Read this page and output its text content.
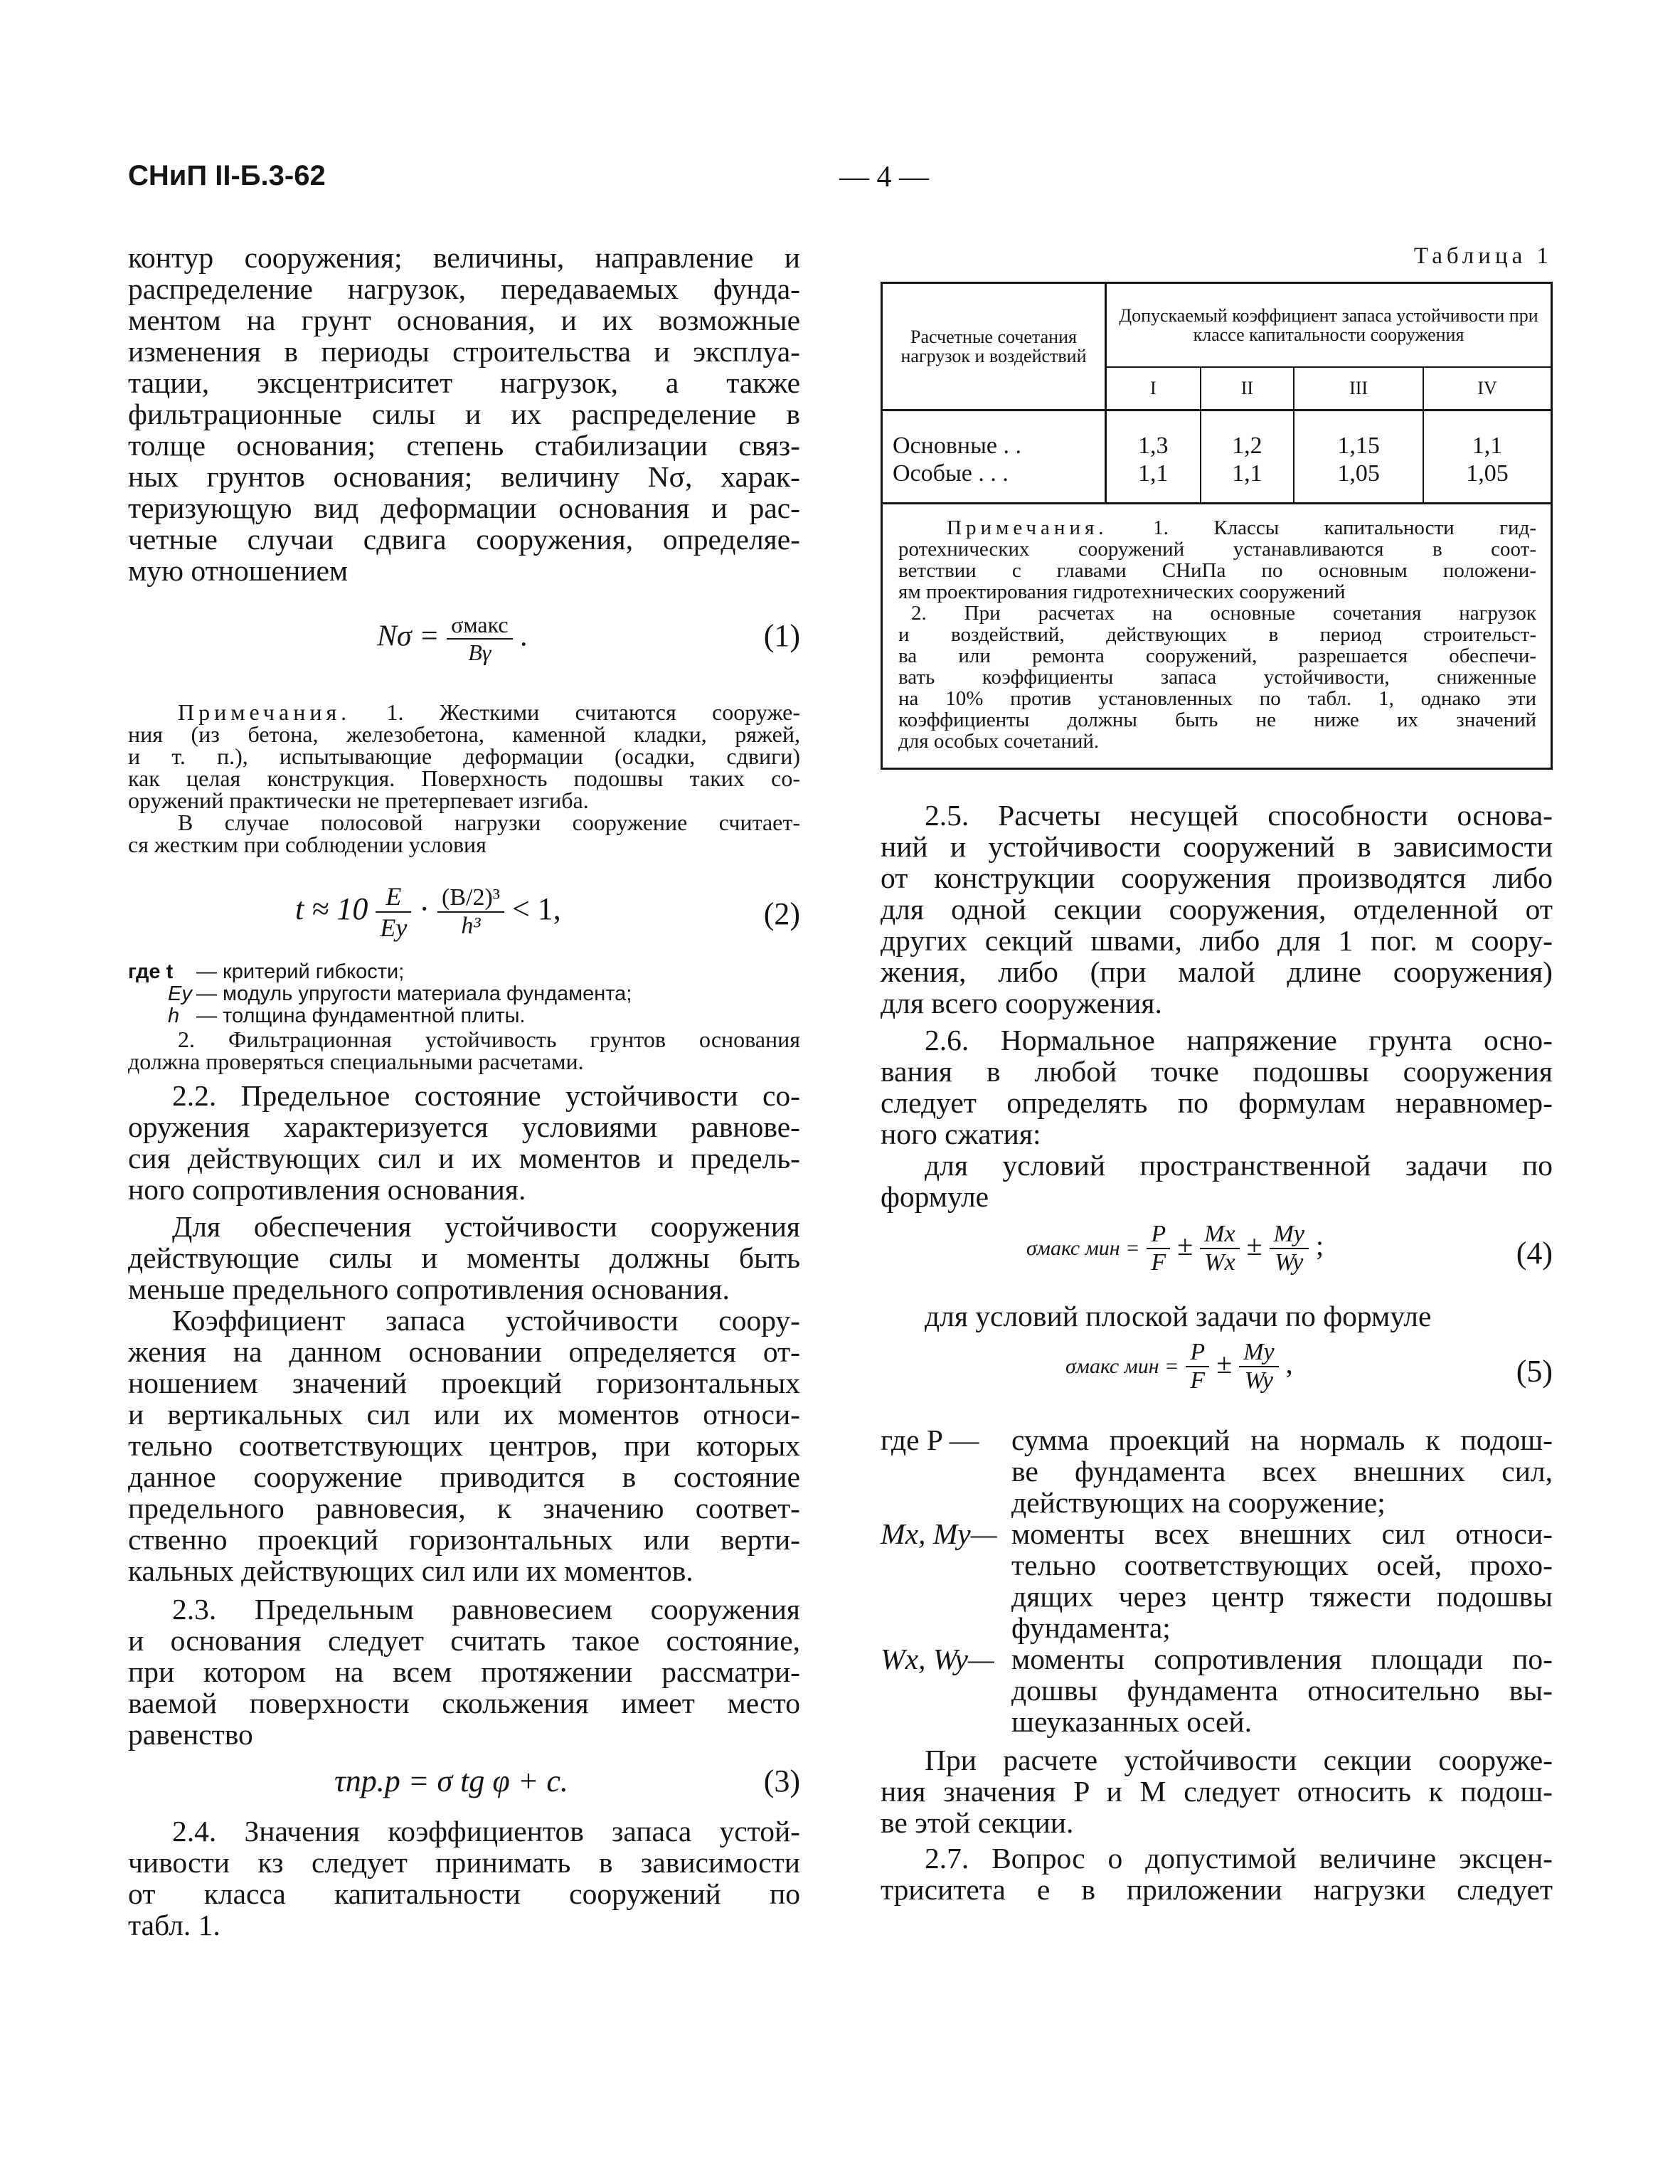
СНиП II-Б.3-62	— 4 —

контур сооружения; величины, направление и

распределение нагрузок, передаваемых фунда-

ментом на грунт основания, и их возможные

изменения в периоды строительства и эксплуа-

тации, эксцентриситет нагрузок, а также

фильтрационные силы и их распределение в

толще основания; степень стабилизации связ-

ных грунтов основания; величину Nσ, харак-

теризующую вид деформации основания и рас-

четные случаи сдвига сооружения, определяе-

мую отношением

$N\sigma = \frac{\text{σмакс}}{B\gamma}$ .	(1)

Примечания. 1. Жесткими считаются сооруже-

ния (из бетона, железобетона, каменной кладки, ряжей,

и т. п.), испытывающие деформации (осадки, сдвиги)

как целая конструкция. Поверхность подошвы таких со-

оружений практически не претерпевает изгиба.

В случае полосовой нагрузки сооружение считает-

ся жестким при соблюдении условия

$t \approx 10 \frac{E}{Eу} \cdot \frac{\text{(B/2)³}}{\text{h³}} < 1$,	(2)

где t — критерий гибкости;

Eу — модуль упругости материала фундамента;

h — толщина фундаментной плиты.

2. Фильтрационная устойчивость грунтов основания

должна проверяться специальными расчетами.

2.2. Предельное состояние устойчивости со-

оружения характеризуется условиями равнове-

сия действующих сил и их моментов и предель-

ного сопротивления основания.

Для обеспечения устойчивости сооружения

действующие силы и моменты должны быть

меньше предельного сопротивления основания.

Коэффициент запаса устойчивости соору-

жения на данном основании определяется от-

ношением значений проекций горизонтальных

и вертикальных сил или их моментов относи-

тельно соответствующих центров, при которых

данное сооружение приводится в состояние

предельного равновесия, к значению соответ-

ственно проекций горизонтальных или верти-

кальных действующих сил или их моментов.

2.3. Предельным равновесием сооружения

и основания следует считать такое состояние,

при котором на всем протяжении рассматри-

ваемой поверхности скольжения имеет место

равенство

τпр.р = σ tg φ + c.	(3)

2.4. Значения коэффициентов запаса устой-

чивости кз следует принимать в зависимости

от класса капитальности сооружений по

табл. 1.

Таблица 1

Расчетные сочетания нагрузок и воздействий	Допускаемый коэффициент запаса устойчивости при классе капитальности сооружения			
	I	II	III	IV
Основные . .	1,3	1,2	1,15	1,1
Особые . . .	1,1	1,1	1,05	1,05

Примечания. 1. Классы капитальности гид-

ротехнических сооружений устанавливаются в соот-

ветствии с главами СНиПа по основным положени-

ям проектирования гидротехнических сооружений

2. При расчетах на основные сочетания нагрузок

и воздействий, действующих в период строительст-

ва или ремонта сооружений, разрешается обеспечи-

вать коэффициенты запаса устойчивости, сниженные

на 10% против установленных по табл. 1, однако эти

коэффициенты должны быть не ниже их значений

для особых сочетаний.

2.5. Расчеты несущей способности основа-

ний и устойчивости сооружений в зависимости

от конструкции сооружения производятся либо

для одной секции сооружения, отделенной от

других секций швами, либо для 1 пог. м соору-

жения, либо (при малой длине сооружения)

для всего сооружения.

2.6. Нормальное напряжение грунта осно-

вания в любой точке подошвы сооружения

следует определять по формулам неравномер-

ного сжатия:

для условий пространственной задачи по

формуле

σмакс мин = $\frac{P}{F} \pm \frac{Mx}{Wx} \pm \frac{My}{Wy}$ ;	(4)

для условий плоской задачи по формуле

σмакс мин = $\frac{P}{F} \pm \frac{My}{Wy}$ ,	(5)
где P —	сумма проекций на нормаль к подош-

ве фундамента всех внешних сил,

действующих на сооружение;

Mx, My— моменты всех внешних сил относи-

тельно соответствующих осей, прохо-

дящих через центр тяжести подошвы

фундамента;

Wx, Wy— моменты сопротивления площади по-

дошвы фундамента относительно вы-

шеуказанных осей.

При расчете устойчивости секции сооруже-

ния значения P и M следует относить к подош-

ве этой секции.

2.7. Вопрос о допустимой величине эксцен-

триситета e в приложении нагрузки следует
